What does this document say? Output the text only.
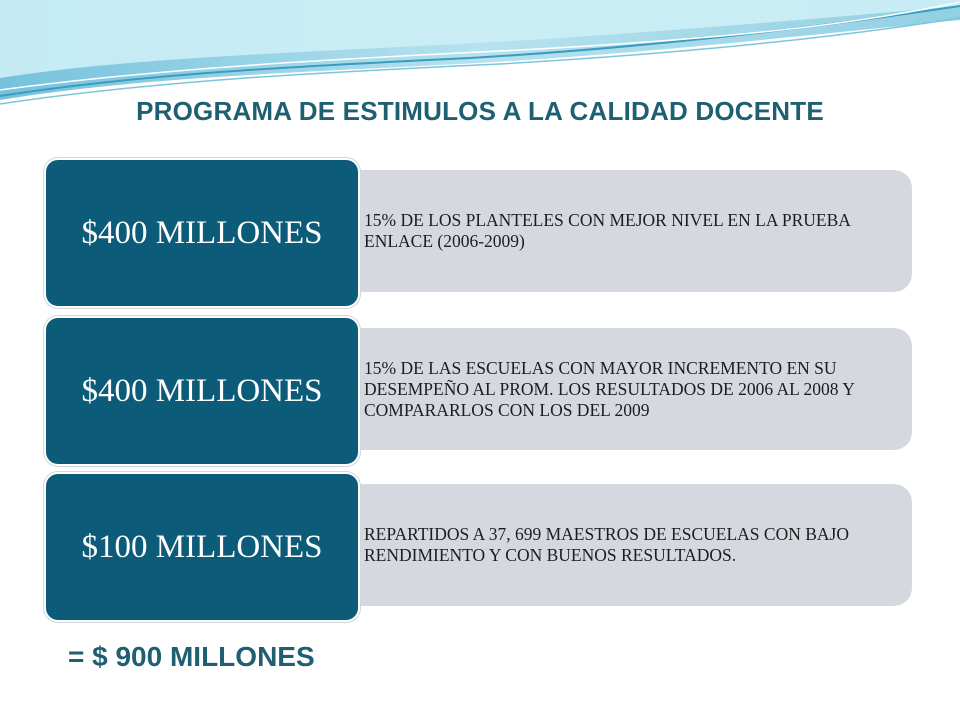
PROGRAMA DE ESTIMULOS A LA CALIDAD DOCENTE
15% DE LOS PLANTELES CON MEJOR NIVEL EN LA PRUEBA ENLACE (2006-2009)
$400 MILLONES
15% DE LAS ESCUELAS CON MAYOR INCREMENTO EN SU DESEMPEÑO AL PROM. LOS RESULTADOS DE 2006 AL 2008 Y COMPARARLOS CON LOS DEL 2009
$400 MILLONES
REPARTIDOS A 37, 699 MAESTROS DE ESCUELAS CON BAJO RENDIMIENTO Y CON BUENOS RESULTADOS.
$100 MILLONES
= $ 900 MILLONES
